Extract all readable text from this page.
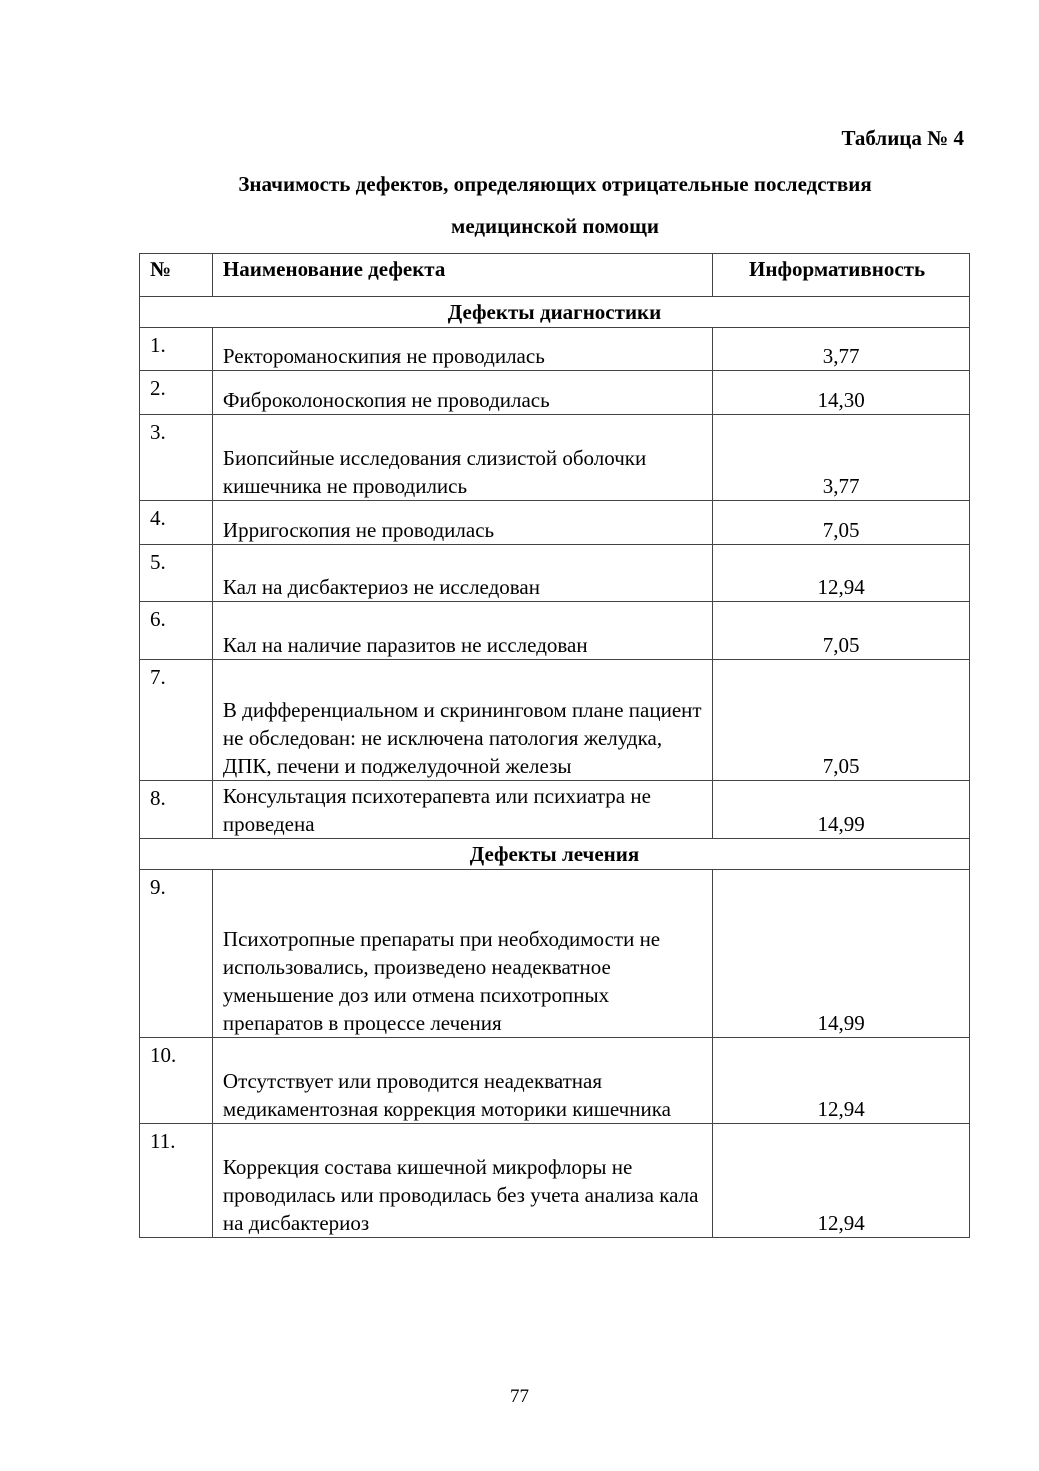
Таблица № 4
Значимость дефектов, определяющих отрицательные последствия
медицинской помощи
№	Наименование дефекта	Информативность

Дефекты диагностики		

1.	Ректороманоскипия не проводилась	3,77

2.	Фиброколоноскопия не проводилась	14,30

3.	Биопсийные исследования слизистой оболочки кишечника не проводились	3,77

4.	Ирригоскопия не проводилась	7,05

5.	Кал на дисбактериоз не исследован	12,94

6.	Кал на наличие паразитов не исследован	7,05

7.	В дифференциальном и скрининговом плане пациент не обследован: не исключена патология желудка, ДПК, печени и поджелудочной железы	7,05

8.	Консультация психотерапевта или психиатра не проведена	14,99

Дефекты лечения		

9.	Психотропные препараты при необходимости не использовались, произведено неадекватное уменьшение доз или отмена психотропных препаратов в процессе лечения	14,99

10.	Отсутствует или проводится неадекватная медикаментозная коррекция моторики кишечника	12,94

11.	Коррекция состава кишечной микрофлоры не проводилась или проводилась без учета анализа кала на дисбактериоз	12,94
77
